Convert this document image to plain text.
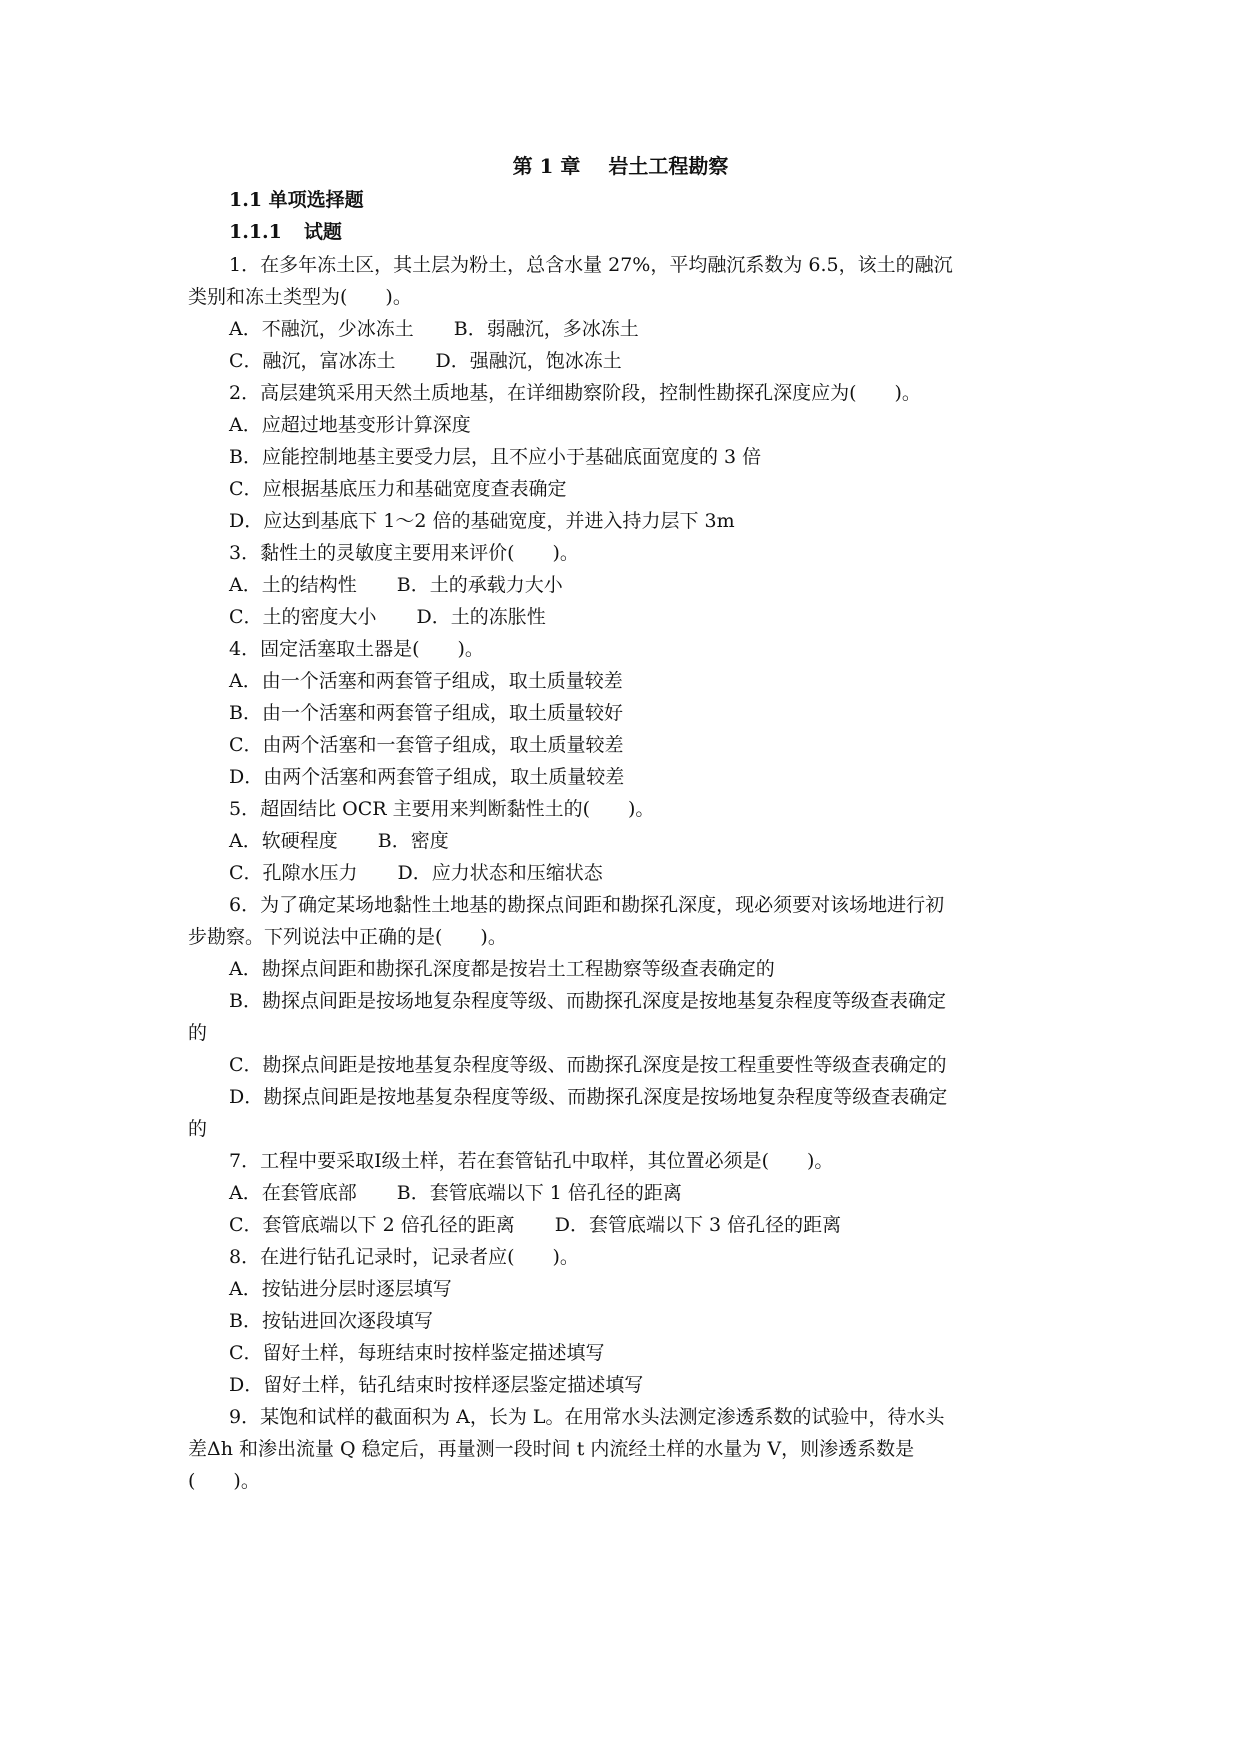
第 1 章 岩土工程勘察
1.1 单项选择题
1.1.1 试题
1．在多年冻土区，其土层为粉土，总含水量 27%，平均融沉系数为 6.5，该土的融沉
类别和冻土类型为(　　)。
A．不融沉，少冰冻土 B．弱融沉，多冰冻土
C．融沉，富冰冻土 D．强融沉，饱冰冻土
2．高层建筑采用天然土质地基，在详细勘察阶段，控制性勘探孔深度应为(　　)。
A．应超过地基变形计算深度
B．应能控制地基主要受力层，且不应小于基础底面宽度的 3 倍
C．应根据基底压力和基础宽度查表确定
D．应达到基底下 1～2 倍的基础宽度，并进入持力层下 3m
3．黏性土的灵敏度主要用来评价(　　)。
A．土的结构性 B．土的承载力大小
C．土的密度大小 D．土的冻胀性
4．固定活塞取土器是(　　)。
A．由一个活塞和两套管子组成，取土质量较差
B．由一个活塞和两套管子组成，取土质量较好
C．由两个活塞和一套管子组成，取土质量较差
D．由两个活塞和两套管子组成，取土质量较差
5．超固结比 OCR 主要用来判断黏性土的(　　)。
A．软硬程度 B．密度
C．孔隙水压力 D．应力状态和压缩状态
6．为了确定某场地黏性土地基的勘探点间距和勘探孔深度，现必须要对该场地进行初
步勘察。下列说法中正确的是(　　)。
A．勘探点间距和勘探孔深度都是按岩土工程勘察等级查表确定的
B．勘探点间距是按场地复杂程度等级、而勘探孔深度是按地基复杂程度等级查表确定
的
C．勘探点间距是按地基复杂程度等级、而勘探孔深度是按工程重要性等级查表确定的
D．勘探点间距是按地基复杂程度等级、而勘探孔深度是按场地复杂程度等级查表确定
的
7．工程中要采取Ⅰ级土样，若在套管钻孔中取样，其位置必须是(　　)。
A．在套管底部 B．套管底端以下 1 倍孔径的距离
C．套管底端以下 2 倍孔径的距离 D．套管底端以下 3 倍孔径的距离
8．在进行钻孔记录时，记录者应(　　)。
A．按钻进分层时逐层填写
B．按钻进回次逐段填写
C．留好土样，每班结束时按样鉴定描述填写
D．留好土样，钻孔结束时按样逐层鉴定描述填写
9．某饱和试样的截面积为 A，长为 L。在用常水头法测定渗透系数的试验中，待水头
差Δh 和渗出流量 Q 稳定后，再量测一段时间 t 内流经土样的水量为 V，则渗透系数是
(　　)。
